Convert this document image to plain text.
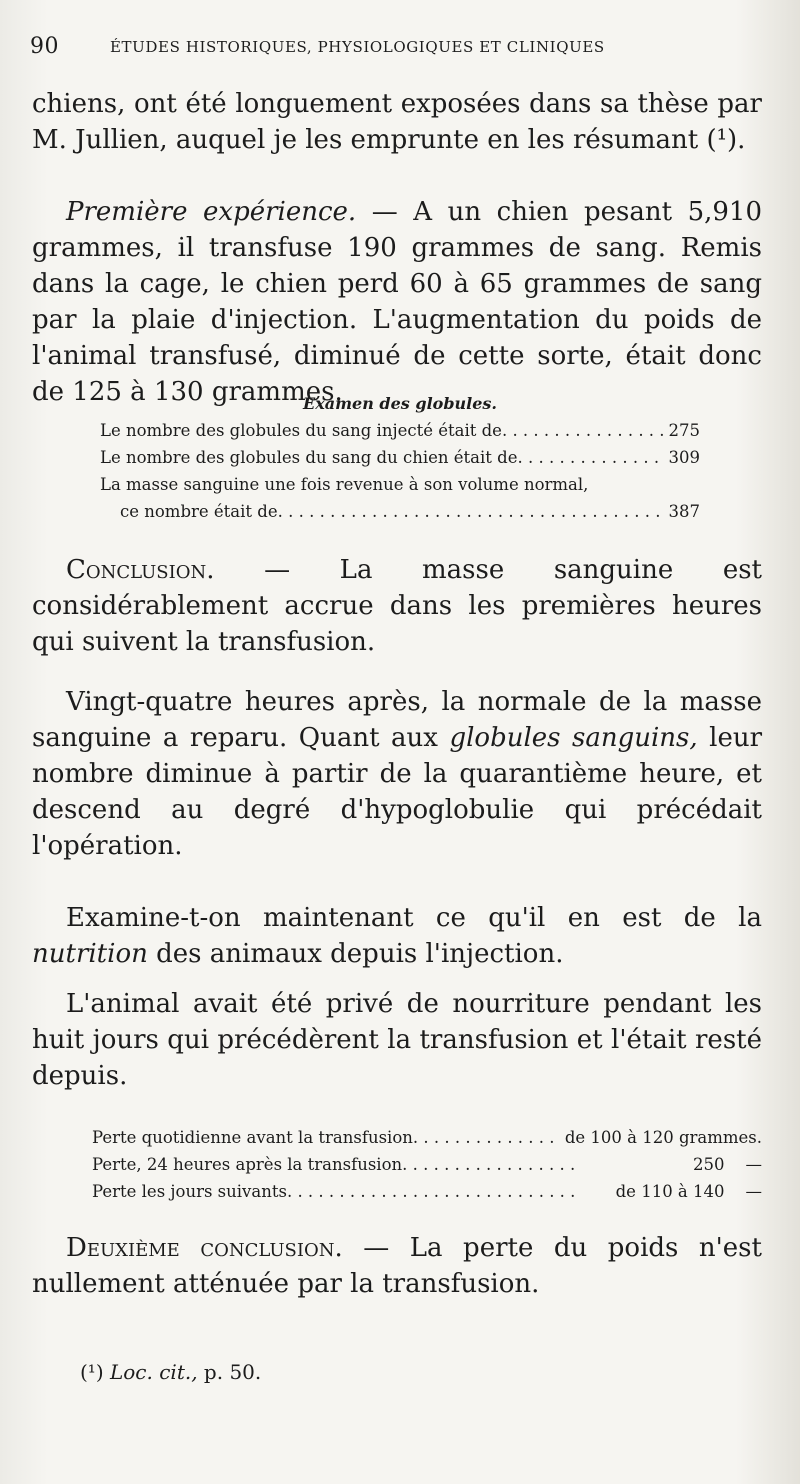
90	ÉTUDES HISTORIQUES, PHYSIOLOGIQUES ET CLINIQUES

chiens, ont été longuement exposées dans sa thèse par

M. Jullien, auquel je les emprunte en les résumant (¹).

Première expérience. — A un chien pesant 5,910 grammes, il transfuse 190 grammes de sang. Remis dans la cage, le chien perd 60 à 65 grammes de sang par la plaie d'injection. L'augmentation du poids de l'animal transfusé, diminué de cette sorte, était donc de 125 à 130 grammes.

Examen des globules.
Le nombre des globules du sang injecté était de . . .	275
Le nombre des globules du sang du chien était de . . .	309
La masse sanguine une fois revenue à son volume normal,
ce nombre était de . . .	387

Conclusion. — La masse sanguine est considérablement accrue dans les premières heures qui suivent la transfusion.

Vingt-quatre heures après, la normale de la masse sanguine a reparu. Quant aux globules sanguins, leur nombre diminue à partir de la quarantième heure, et descend au degré d'hypoglobulie qui précédait l'opération.

Examine-t-on maintenant ce qu'il en est de la nutrition des animaux depuis l'injection.

L'animal avait été privé de nourriture pendant les huit jours qui précédèrent la transfusion et l'était resté depuis.

Perte quotidienne avant la transfusion . . .	de 100 à 120 grammes.
Perte, 24 heures après la transfusion . . .	250    —
Perte les jours suivants . . .	de 110 à 140    —

Deuxième conclusion. — La perte du poids n'est nullement atténuée par la transfusion.

(¹) Loc. cit., p. 50.
